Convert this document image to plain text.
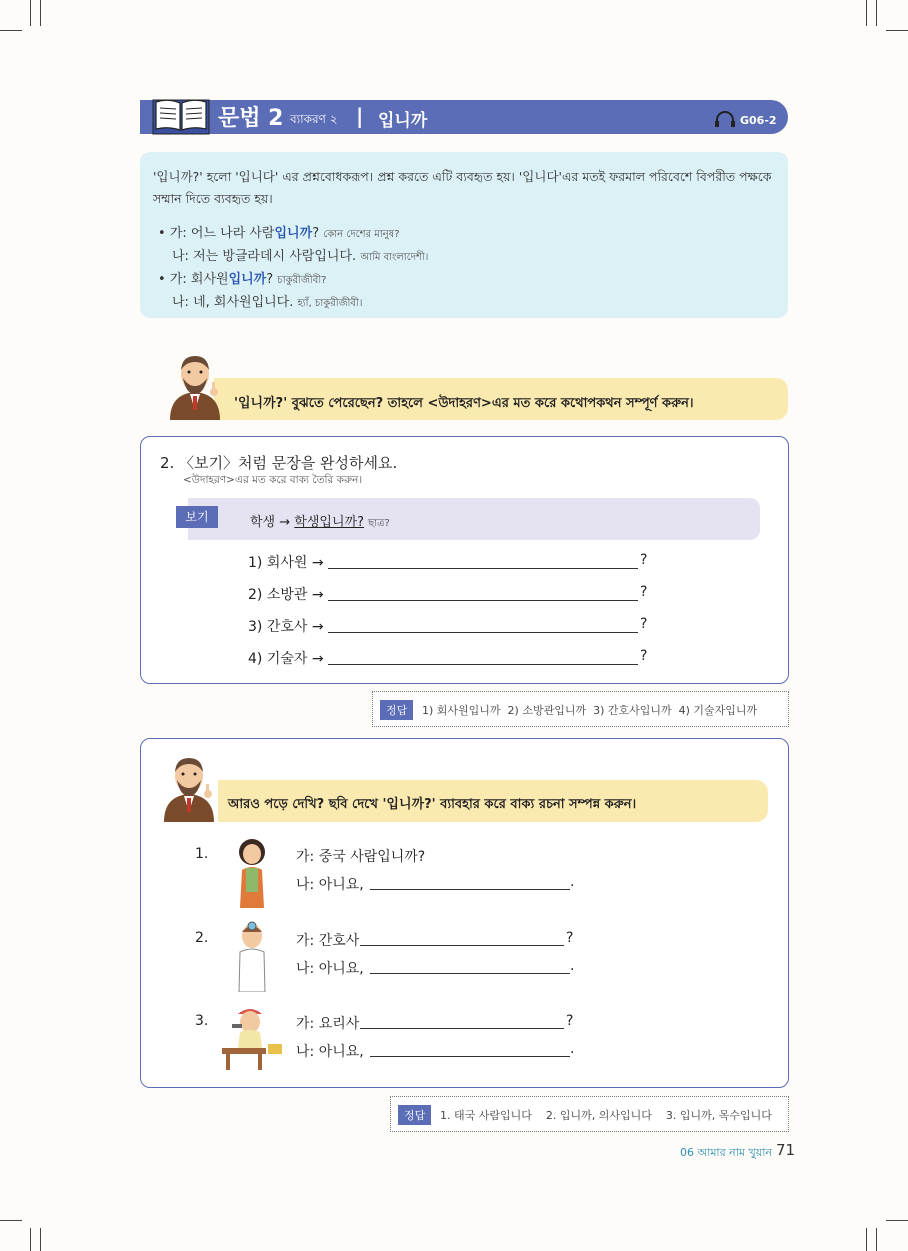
문법 2 ব্যাকরণ ২ | 입니까	G06-2
'입니까?' হলো '입니다' এর প্রশ্নবোধকরূপ। প্রশ্ন করতে এটি ব্যবহৃত হয়। '입니다'এর মতই ফরমাল পরিবেশে বিপরীত পক্ষকে সম্মান দিতে ব্যবহৃত হয়।
• 가: 어느 나라 사람입니까? কোন দেশের মানুষ?
나: 저는 방글라데시 사람입니다. আমি বাংলাদেশী।
• 가: 회사원입니까? চাকুরীজীবী?
나: 네, 회사원입니다. হ্যাঁ, চাকুরীজীবী।
'입니까?' বুঝতে পেরেছেন? তাহলে <উদাহরণ>এর মত করে কথোপকথন সম্পূর্ণ করুন।
2. 〈보기〉처럼 문장을 완성하세요.
<উদাহরণ>এর মত করে বাক্য তৈরি করুন।
보기	학생 → 학생입니까? ছাত্র?
1) 회사원 →	?
2) 소방관 →	?
3) 간호사 →	?
4) 기술자 →	?
정답	1) 회사원입니까  2) 소방관입니까  3) 간호사입니까  4) 기술자입니까
আরও পড়ে দেখি? ছবি দেখে '입니까?' ব্যাবহার করে বাক্য রচনা সম্পন্ন করুন।
1.	가: 중국 사람입니까?
나: 아니요,	.
2.	가: 간호사	?
나: 아니요,	.
3.	가: 요리사	?
나: 아니요,	.
정답	1. 태국 사람입니다    2. 입니까, 의사입니다    3. 입니까, 목수입니다
06 আমার নাম খুয়ান 71
